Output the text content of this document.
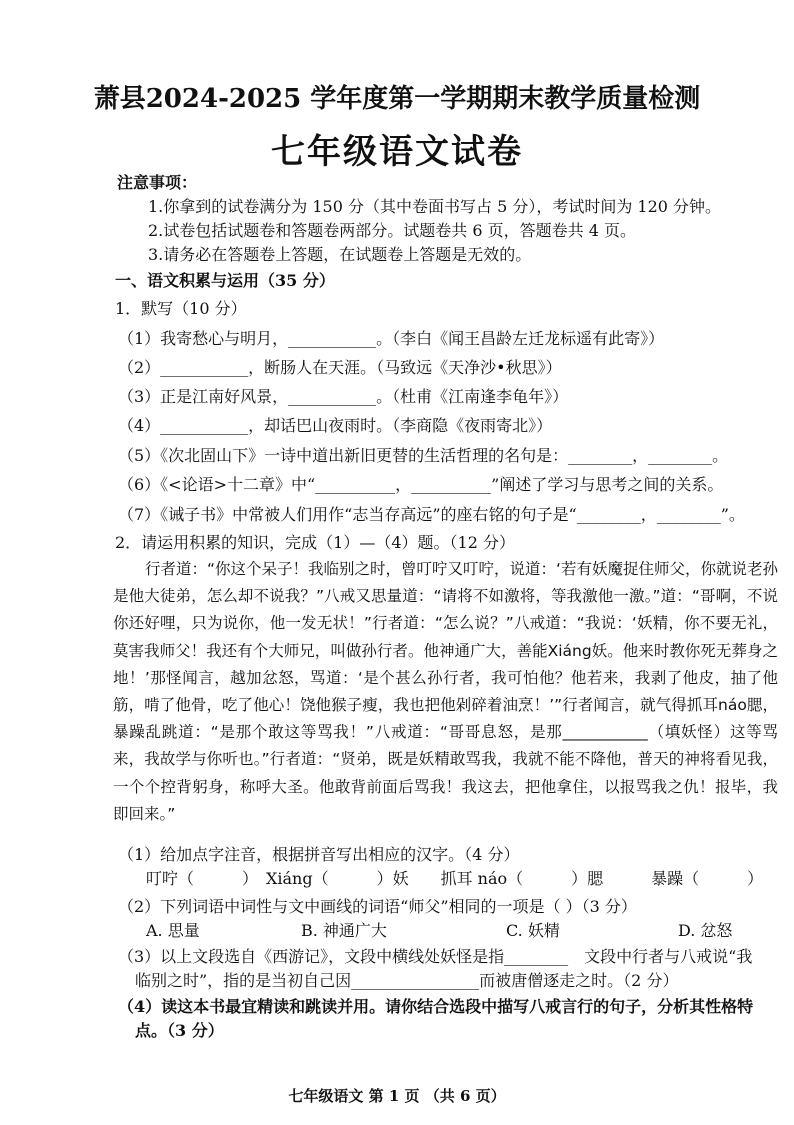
萧县2024-2025 学年度第一学期期末教学质量检测
七年级语文试卷
注意事项：
1.你拿到的试卷满分为 150 分（其中卷面书写占 5 分），考试时间为 120 分钟。
2.试卷包括试题卷和答题卷两部分。试题卷共 6 页，答题卷共 4 页。
3.请务必在答题卷上答题，在试题卷上答题是无效的。
一、语文积累与运用（35 分）
1．默写（10 分）
（1）我寄愁心与明月，___________。（李白《闻王昌龄左迁龙标遥有此寄》）
（2）___________，断肠人在天涯。（马致远《天净沙•秋思》）
（3）正是江南好风景，___________。（杜甫《江南逢李龟年》）
（4）___________，却话巴山夜雨时。（李商隐《夜雨寄北》）
（5）《次北固山下》一诗中道出新旧更替的生活哲理的名句是：________，________。
（6）《<论语>十二章》中“__________，__________”阐述了学习与思考之间的关系。
（7）《诫子书》中常被人们用作“志当存高远”的座右铭的句子是“________，________”。
2．请运用积累的知识，完成（1）—（4）题。（12 分）

行者道：“你这个呆子！我临别之时，曾叮咛又叮咛，说道：‘若有妖魔捉住师父，你就说老孙是他大徒弟，怎么却不说我？”八戒又思量道：“请将不如激将，等我激他一激。”道：“哥啊，不说你还好哩，只为说你，他一发无状！”行者道：“怎么说？”八戒道：“我说：‘妖精，你不要无礼，莫害我师父！我还有个大师兄，叫做孙行者。他神通广大，善能Xiáng妖。他来时教你死无葬身之地！’那怪闻言，越加忿怒，骂道：‘是个甚么孙行者，我可怕他？他若来，我剥了他皮，抽了他筋，啃了他骨，吃了他心！饶他猴子瘦，我也把他剁碎着油烹！’”行者闻言，就气得抓耳náo腮，暴躁乱跳道：“是那个敢这等骂我！”八戒道：“哥哥息怒，是那___________（填妖怪）这等骂来，我故学与你听也。”行者道：“贤弟，既是妖精敢骂我，我就不能不降他，普天的神将看见我，一个个控背躬身，称呼大圣。他敢背前面后骂我！我这去，把他拿住，以报骂我之仇！报毕，我即回来。”

（1）给加点字注音，根据拼音写出相应的汉字。（4 分）
叮咛（　　　）　Xiáng（　　　）妖　　抓耳 náo（　　　）腮　　　暴躁（　　　）
（2）下列词语中词性与文中画线的词语“师父”相同的一项是（ ）（3 分）
A. 思量	B. 神通广大	C. 妖精	D. 忿怒
（3）以上文段选自《西游记》，文段中横线处妖怪是指________　文段中行者与八戒说“我
临别之时”，指的是当初自己因________________而被唐僧逐走之时。（2 分）
（4）读这本书最宜精读和跳读并用。请你结合选段中描写八戒言行的句子，分析其性格特
点。（3 分）
七年级语文 第 1 页 （共 6 页）
